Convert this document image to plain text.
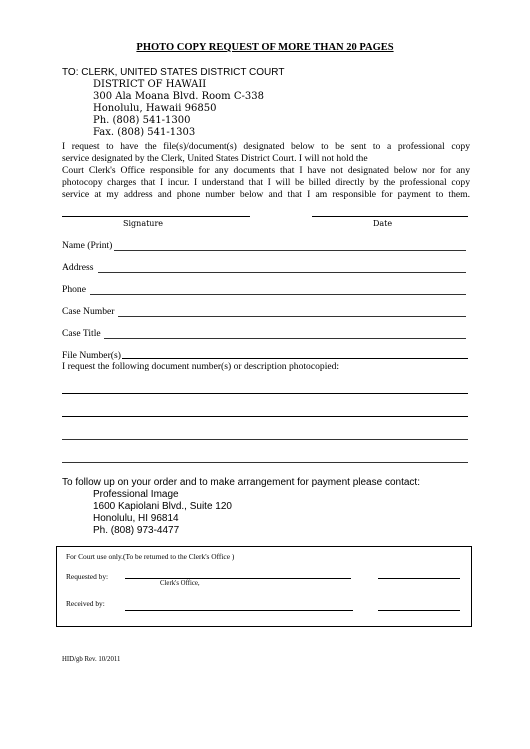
PHOTO COPY REQUEST OF MORE THAN 20 PAGES
TO: CLERK, UNITED STATES DISTRICT COURT
DISTRICT OF HAWAII
300 Ala Moana Blvd. Room C-338
Honolulu, Hawaii 96850
Ph. (808) 541-1300
Fax. (808) 541-1303
I request to have the file(s)/document(s) designated below to be sent to a professional copy
service designated by the Clerk, United States District Court. I will not hold the
Court Clerk's Office responsible for any documents that I have not designated below nor for any
photocopy charges that I incur. I understand that I will be billed directly by the professional copy
service at my address and phone number below and that I am responsible for payment to them.
Signature	Date
Name (Print)
Address
Phone
Case Number
Case Title
File Number(s)
I request the following document number(s) or description photocopied:
To follow up on your order and to make arrangement for payment please contact:
Professional Image
1600 Kapiolani Blvd., Suite 120
Honolulu, HI 96814
Ph. (808) 973-4477
For Court use only.(To be returned to the Clerk's Office )
Requested by:
Clerk's Office,
Received by:
HID/gb Rev. 10/2011
